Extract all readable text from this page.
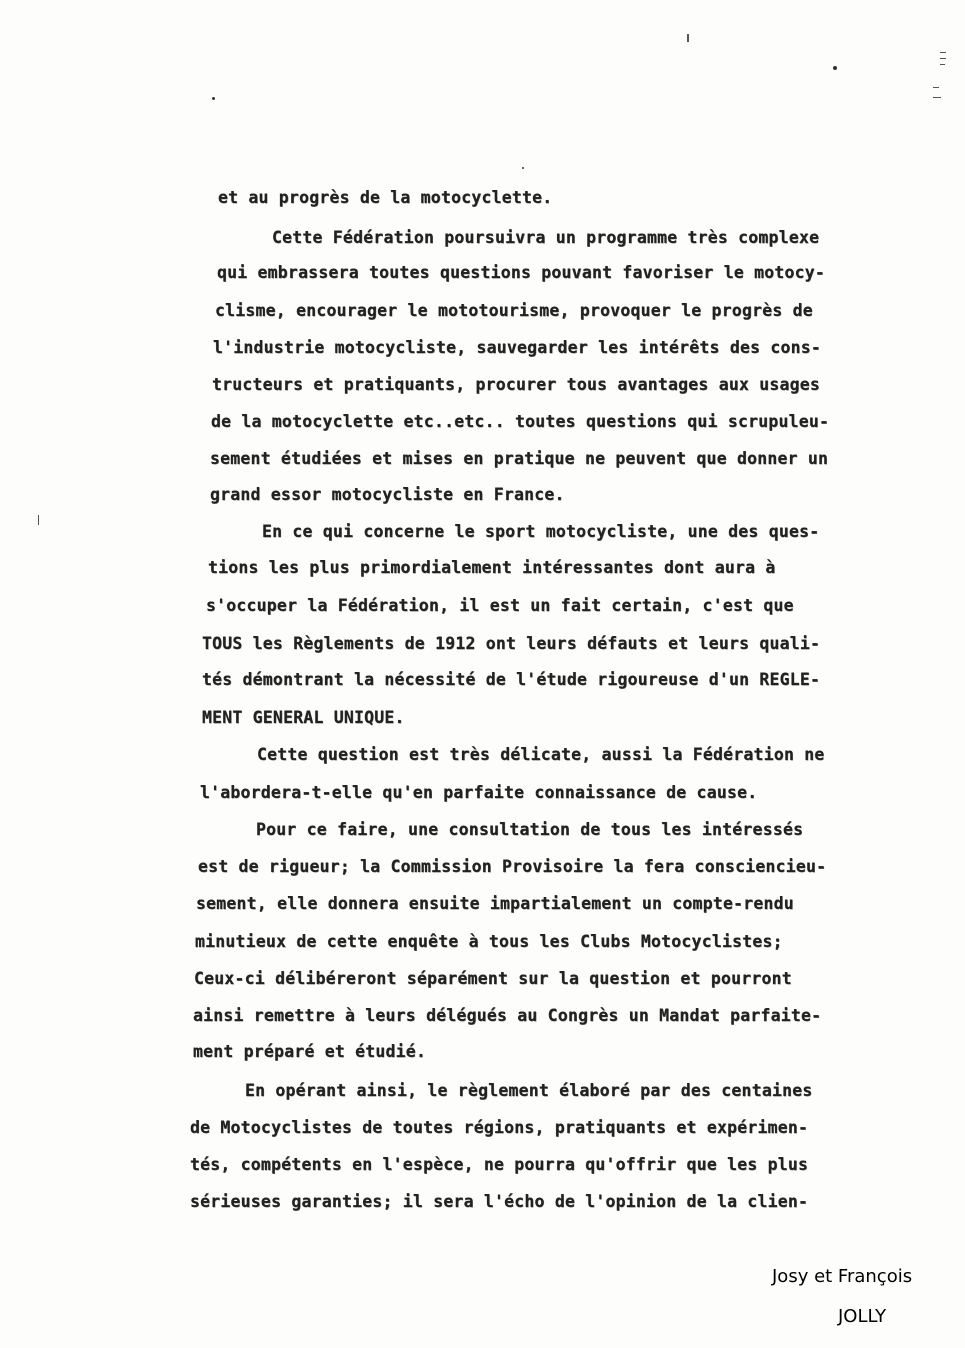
et au progrès de la motocyclette.
Cette Fédération poursuivra un programme très complexe
qui embrassera toutes questions pouvant favoriser le motocy-
clisme, encourager le mototourisme, provoquer le progrès de
l'industrie motocycliste, sauvegarder les intérêts des cons-
tructeurs et pratiquants, procurer tous avantages aux usages
de la motocyclette etc..etc.. toutes questions qui scrupuleu-
sement étudiées et mises en pratique ne peuvent que donner un
grand essor motocycliste en France.
En ce qui concerne le sport motocycliste, une des ques-
tions les plus primordialement intéressantes dont aura à
s'occuper la Fédération, il est un fait certain, c'est que
TOUS les Règlements de 1912 ont leurs défauts et leurs quali-
tés démontrant la nécessité de l'étude rigoureuse d'un REGLE-
MENT GENERAL UNIQUE.
Cette question est très délicate, aussi la Fédération ne
l'abordera-t-elle qu'en parfaite connaissance de cause.
Pour ce faire, une consultation de tous les intéressés
est de rigueur; la Commission Provisoire la fera consciencieu-
sement, elle donnera ensuite impartialement un compte-rendu
minutieux de cette enquête à tous les Clubs Motocyclistes;
Ceux-ci délibéreront séparément sur la question et pourront
ainsi remettre à leurs délégués au Congrès un Mandat parfaite-
ment préparé et étudié.
En opérant ainsi, le règlement élaboré par des centaines
de Motocyclistes de toutes régions, pratiquants et expérimen-
tés, compétents en l'espèce, ne pourra qu'offrir que les plus
sérieuses garanties; il sera l'écho de l'opinion de la clien-
Josy et François
JOLLY
